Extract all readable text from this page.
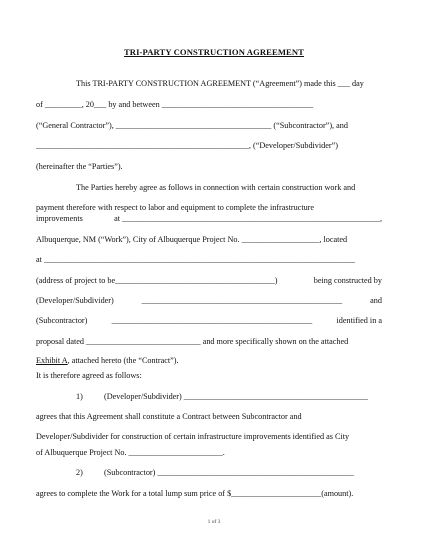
TRI-PARTY CONSTRUCTION AGREEMENT
This TRI-PARTY CONSTRUCTION AGREEMENT (“Agreement”) made this ___ day
of _________, 20___ by and between _____________________________________
(“General Contractor”), ______________________________________ (“Subcontractor”), and
____________________________________________________, (“Developer/Subdivider”)
(hereinafter the “Parties”).
The Parties hereby agree as follows in connection with certain construction work and
payment therefore with respect to labor and equipment to complete the infrastructure
improvements	at _______________________________________________________________,
Albuquerque, NM (“Work”), City of Albuquerque Project No. ___________________, located
at ____________________________________________________________________________
(address of project to be_______________________________________)	being constructed by
(Developer/Subdivider)	_________________________________________________	and
(Subcontractor)	_________________________________________________	identified in a
proposal dated ____________________________ and more specifically shown on the attached
Exhibit A, attached hereto (the “Contract”).
It is therefore agreed as follows:
1)	(Developer/Subdivider) _____________________________________________
agrees that this Agreement shall constitute a Contract between Subcontractor and
Developer/Subdivider for construction of certain infrastructure improvements identified as City
of Albuquerque Project No. _______________________.
2)	(Subcontractor) ________________________________________________
agrees to complete the Work for a total lump sum price of $______________________(amount).
1 of 3
